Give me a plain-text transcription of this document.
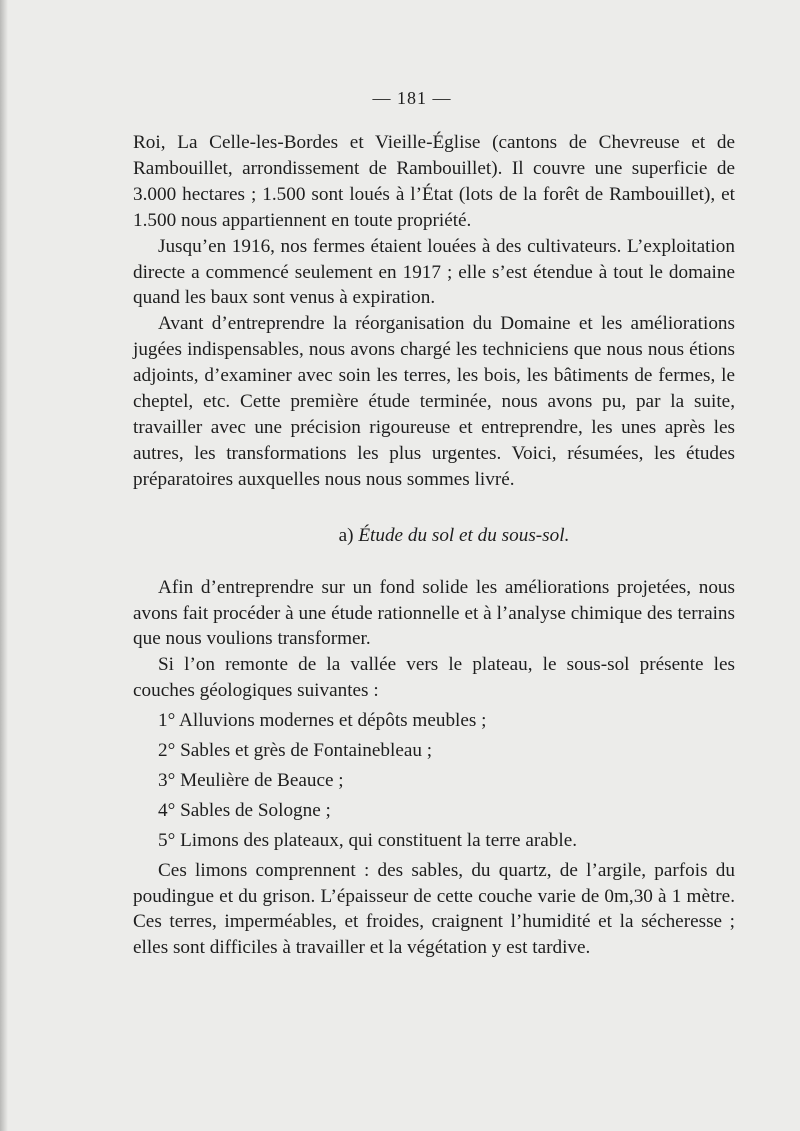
— 181 —

Roi, La Celle-les-Bordes et Vieille-Église (cantons de Chevreuse et de Rambouillet, arrondissement de Rambouillet). Il couvre une superficie de 3.000 hectares ; 1.500 sont loués à l’État (lots de la forêt de Rambouillet), et 1.500 nous appartiennent en toute propriété.

Jusqu’en 1916, nos fermes étaient louées à des cultivateurs. L’exploitation directe a commencé seulement en 1917 ; elle s’est étendue à tout le domaine quand les baux sont venus à expiration.

Avant d’entreprendre la réorganisation du Domaine et les améliorations jugées indispensables, nous avons chargé les techniciens que nous nous étions adjoints, d’examiner avec soin les terres, les bois, les bâtiments de fermes, le cheptel, etc. Cette première étude terminée, nous avons pu, par la suite, travailler avec une précision rigoureuse et entreprendre, les unes après les autres, les transformations les plus urgentes. Voici, résumées, les études préparatoires auxquelles nous nous sommes livré.

a) Étude du sol et du sous-sol.

Afin d’entreprendre sur un fond solide les améliorations projetées, nous avons fait procéder à une étude rationnelle et à l’analyse chimique des terrains que nous voulions transformer.

Si l’on remonte de la vallée vers le plateau, le sous-sol présente les couches géologiques suivantes :

1° Alluvions modernes et dépôts meubles ;

2° Sables et grès de Fontainebleau ;

3° Meulière de Beauce ;

4° Sables de Sologne ;

5° Limons des plateaux, qui constituent la terre arable.

Ces limons comprennent : des sables, du quartz, de l’argile, parfois du poudingue et du grison. L’épaisseur de cette couche varie de 0m,30 à 1 mètre. Ces terres, imperméables, et froides, craignent l’humidité et la sécheresse ; elles sont difficiles à travailler et la végétation y est tardive.
